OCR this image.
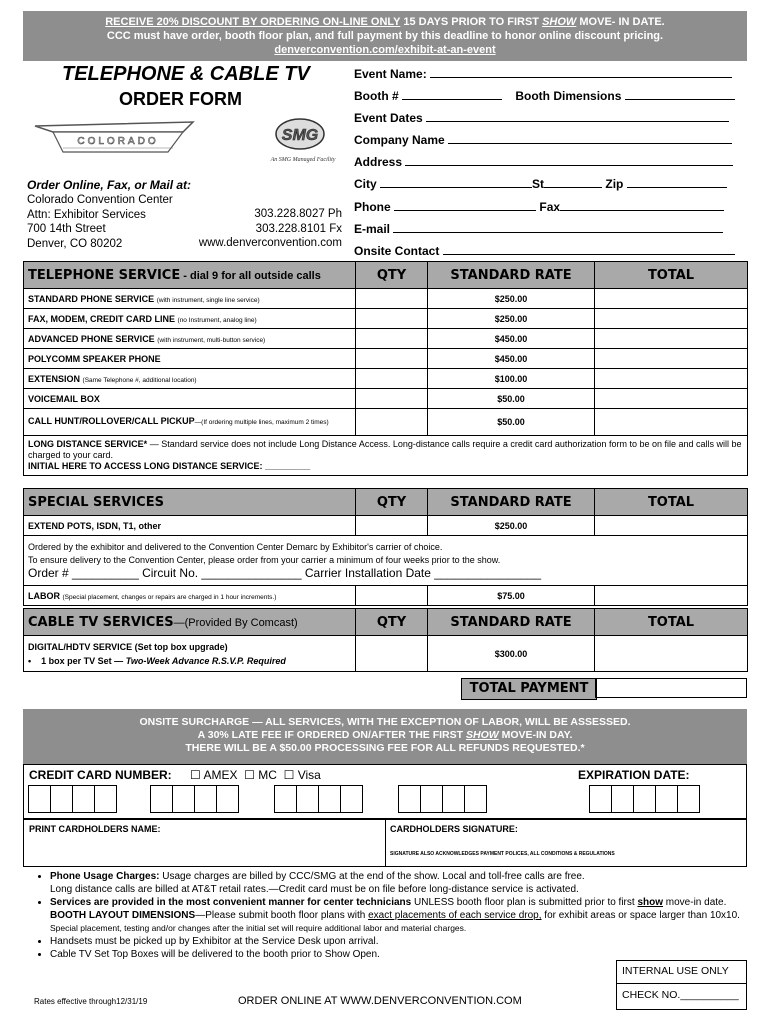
RECEIVE 20% DISCOUNT BY ORDERING ON-LINE ONLY 15 DAYS PRIOR TO FIRST SHOW MOVE- IN DATE.
CCC must have order, booth floor plan, and full payment by this deadline to honor online discount pricing.
denverconvention.com/exhibit-at-an-event
TELEPHONE & CABLE TV
ORDER FORM
COLORADO	SMG
An SMG Managed Facility
Order Online, Fax, or Mail at:
Colorado Convention Center
Attn: Exhibitor Services
700 14th Street
Denver, CO 80202
303.228.8027 Ph
303.228.8101 Fx
www.denverconvention.com
Event Name:
Booth #	Booth Dimensions
Event Dates
Company Name
Address
City	St	Zip
Phone	Fax
E-mail
Onsite Contact
TELEPHONE SERVICE - dial 9 for all outside calls	QTY	STANDARD RATE	TOTAL
STANDARD PHONE SERVICE (with instrument, single line service)		$250.00	
FAX, MODEM, CREDIT CARD LINE (no Instrument, analog line)		$250.00	
ADVANCED PHONE SERVICE (with instrument, multi-button service)		$450.00	
POLYCOMM SPEAKER PHONE		$450.00	
EXTENSION (Same Telephone #, additional location)		$100.00	
VOICEMAIL BOX		$50.00	
CALL HUNT/ROLLOVER/CALL PICKUP—(If ordering multiple lines, maximum 2 times)		$50.00	
LONG DISTANCE SERVICE* — Standard service does not include Long Distance Access. Long-distance calls require a credit card authorization form to be on file and calls will be charged to your card.
INITIAL HERE TO ACCESS LONG DISTANCE SERVICE: _________			
SPECIAL SERVICES	QTY	STANDARD RATE	TOTAL
EXTEND POTS, ISDN, T1, other		$250.00	

Ordered by the exhibitor and delivered to the Convention Center Demarc by Exhibitor's carrier of choice.
To ensure delivery to the Convention Center, please order from your carrier a minimum of four weeks prior to the show.
Order # __________ Circuit No. _______________ Carrier Installation Date ________________			

LABOR (Special placement, changes or repairs are charged in 1 hour increments.)		$75.00	
CABLE TV SERVICES—(Provided By Comcast)	QTY	STANDARD RATE	TOTAL

DIGITAL/HDTV SERVICE (Set top box upgrade)
•    1 box per TV Set — Two-Week Advance R.S.V.P. Required		$300.00	
TOTAL PAYMENT
ONSITE SURCHARGE — ALL SERVICES, WITH THE EXCEPTION OF LABOR, WILL BE ASSESSED.
A 30% LATE FEE IF ORDERED ON/AFTER THE FIRST SHOW MOVE-IN DAY.
THERE WILL BE A $50.00 PROCESSING FEE FOR ALL REFUNDS REQUESTED.*
CREDIT CARD NUMBER: ☐ AMEX ☐ MC ☐ Visa	EXPIRATION DATE:
PRINT CARDHOLDERS NAME:	CARDHOLDERS SIGNATURE:
SIGNATURE ALSO ACKNOWLEDGES PAYMENT POLICES, ALL CONDITIONS & REGULATIONS
• Phone Usage Charges: Usage charges are billed by CCC/SMG at the end of the show. Local and toll-free calls are free.
Long distance calls are billed at AT&T retail rates.—Credit card must be on file before long-distance service is activated.
• Services are provided in the most convenient manner for center technicians UNLESS booth floor plan is submitted prior to first show move-in date. BOOTH LAYOUT DIMENSIONS—Please submit booth floor plans with exact placements of each service drop, for exhibit areas or space larger than 10x10. Special placement, testing and/or changes after the initial set will require additional labor and material charges.
• Handsets must be picked up by Exhibitor at the Service Desk upon arrival.
• Cable TV Set Top Boxes will be delivered to the booth prior to Show Open.
INTERNAL USE ONLY
CHECK NO.__________
Rates effective through12/31/19	ORDER ONLINE AT WWW.DENVERCONVENTION.COM
